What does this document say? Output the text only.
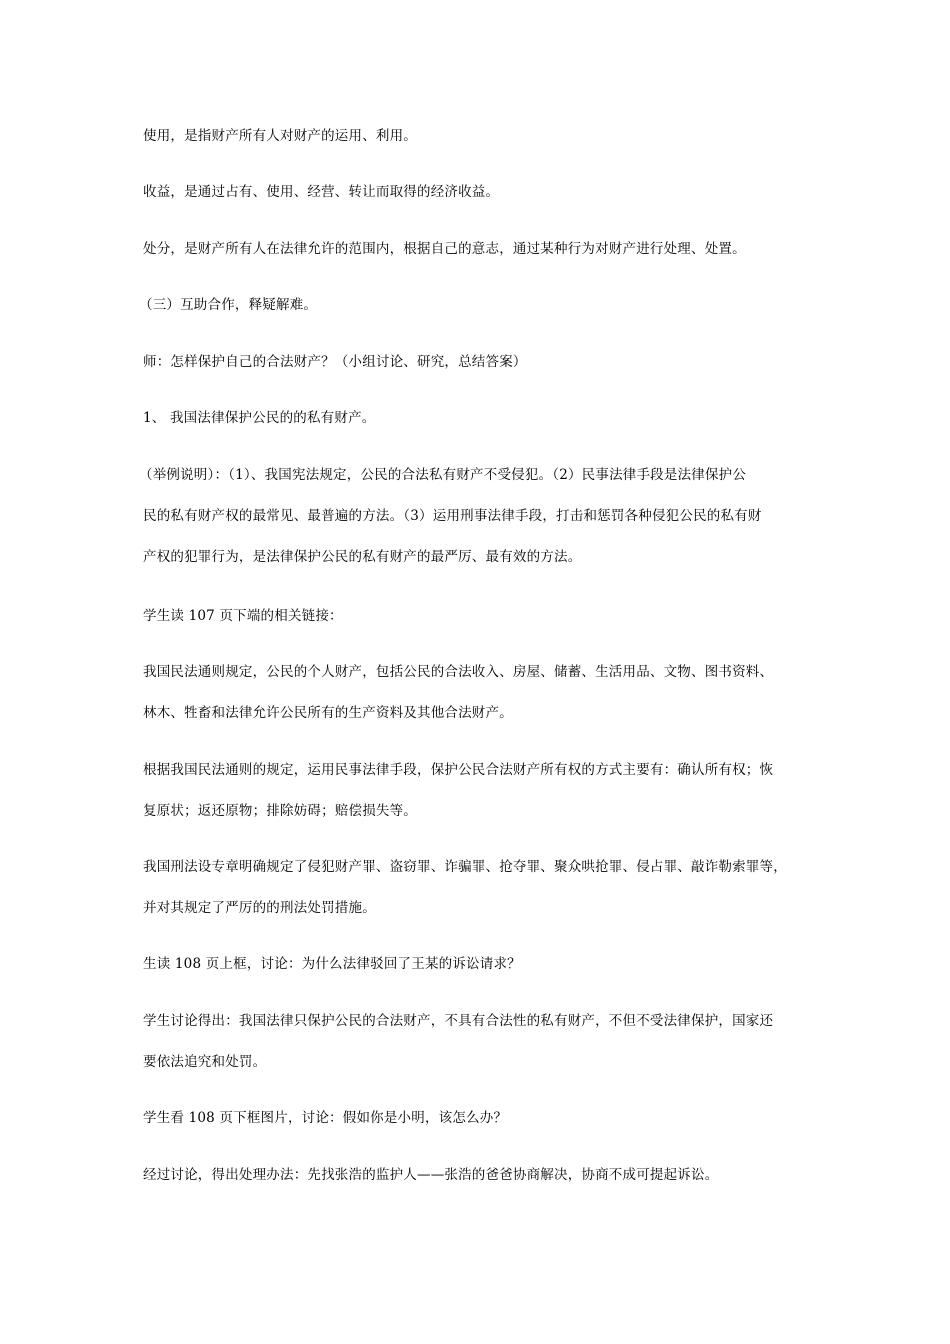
使用，是指财产所有人对财产的运用、利用。

收益，是通过占有、使用、经营、转让而取得的经济收益。

处分，是财产所有人在法律允许的范围内，根据自己的意志，通过某种行为对财产进行处理、处置。

（三）互助合作，释疑解难。

师：怎样保护自己的合法财产？（小组讨论、研究，总结答案）

1、 我国法律保护公民的的私有财产。

（举例说明）：（1）、我国宪法规定，公民的合法私有财产不受侵犯。（2）民事法律手段是法律保护公
民的私有财产权的最常见、最普遍的方法。（3）运用刑事法律手段，打击和惩罚各种侵犯公民的私有财
产权的犯罪行为，是法律保护公民的私有财产的最严厉、最有效的方法。

学生读 107 页下端的相关链接：

我国民法通则规定，公民的个人财产，包括公民的合法收入、房屋、储蓄、生活用品、文物、图书资料、
林木、牲畜和法律允许公民所有的生产资料及其他合法财产。

根据我国民法通则的规定，运用民事法律手段，保护公民合法财产所有权的方式主要有：确认所有权；恢
复原状；返还原物；排除妨碍；赔偿损失等。

我国刑法设专章明确规定了侵犯财产罪、盗窃罪、诈骗罪、抢夺罪、聚众哄抢罪、侵占罪、敲诈勒索罪等，
并对其规定了严厉的的刑法处罚措施。

生读 108 页上框，讨论：为什么法律驳回了王某的诉讼请求？

学生讨论得出：我国法律只保护公民的合法财产，不具有合法性的私有财产，不但不受法律保护，国家还
要依法追究和处罚。

学生看 108 页下框图片，讨论：假如你是小明，该怎么办？

经过讨论，得出处理办法：先找张浩的监护人——张浩的爸爸协商解决，协商不成可提起诉讼。
